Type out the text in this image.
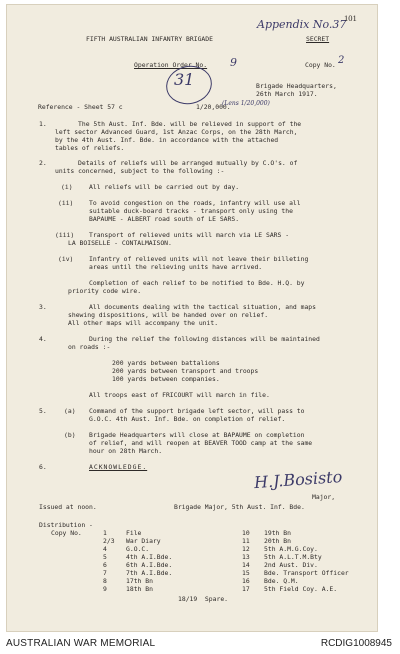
Appendix No.37
101
FIFTH AUSTRALIAN INFANTRY BRIGADE	SECRET
Operation Order No. 9	Copy No. 2
31	Brigade Headquarters,
26th March 1917.
Reference - Sheet 57 c	1/20,000.
(Lens 1/20,000)
1.	The 5th Aust. Inf. Bde. will be relieved in support of the
left sector Advanced Guard, 1st Anzac Corps, on the 28th March,
by the 4th Aust. Inf. Bde. in accordance with the attached
tables of reliefs.
2.	Details of reliefs will be arranged mutually by C.O's. of
units concerned, subject to the following :-
(i)	All reliefs will be carried out by day.
(ii) To avoid congestion on the roads, infantry will use all
suitable duck-board tracks - transport only using the
BAPAUME - ALBERT road south of LE SARS.
(iii) Transport of relieved units will march via LE SARS -
LA BOISELLE - CONTALMAISON.
(iv) Infantry of relieved units will not leave their billeting
areas until the relieving units have arrived.
Completion of each relief to be notified to Bde. H.Q. by
priority code wire.
3.	All documents dealing with the tactical situation, and maps
shewing dispositions, will be handed over on relief.
All other maps will accompany the unit.
4.	During the relief the following distances will be maintained
on roads :-
200 yards between battalions
200 yards between transport and troops
100 yards between companies.
All troops east of FRICOURT will march in file.
5.	(a) Command of the support brigade left sector, will pass to
G.O.C. 4th Aust. Inf. Bde. on completion of relief.
(b) Brigade Headquarters will close at BAPAUME on completion
of relief, and will reopen at BEAVER TOOD camp at the same
hour on 28th March.
6.	ACKNOWLEDGE.	H.J.Bosisto
Major,
Issued at noon.	Brigade Major, 5th Aust. Inf. Bde.
Distribution -
Copy No.	1	File
2/3 War Diary
4	G.O.C.
5	4th A.I.Bde.
6	6th A.I.Bde.
7	7th A.I.Bde.
8	17th Bn
9	18th Bn
10 19th Bn
11 20th Bn
12 5th A.M.G.Coy.
13 5th A.L.T.M.Bty
14 2nd Aust. Div.
15 Bde. Transport Officer
16 Bde. Q.M.
17 5th Field Coy. A.E.
18/19  Spare.
AUSTRALIAN WAR MEMORIAL	RCDIG1008945
